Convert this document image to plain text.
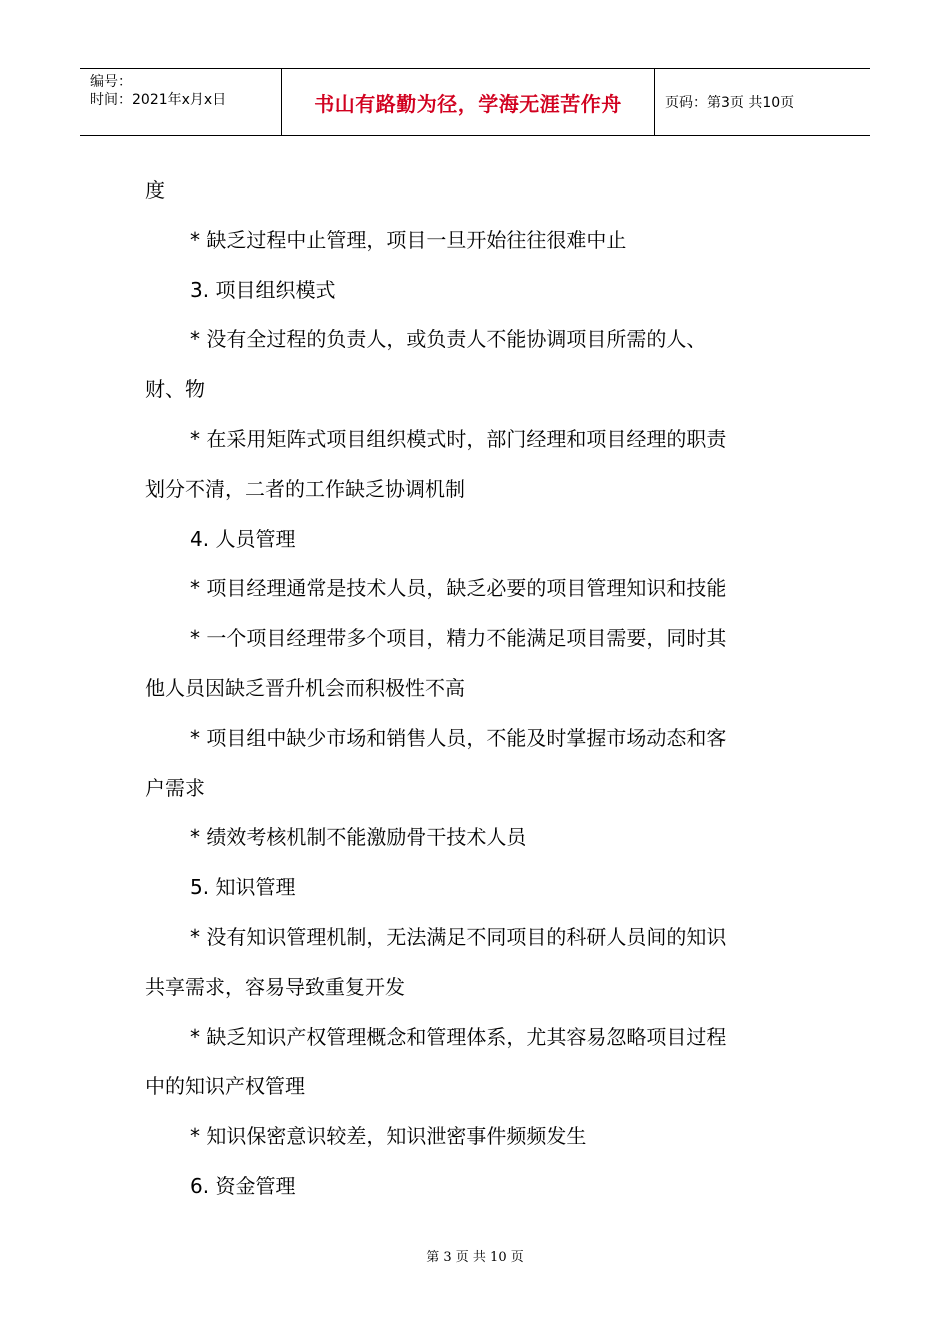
编号：
时间：2021年x月x日	书山有路勤为径，学海无涯苦作舟	页码：第3页 共10页

度

* 缺乏过程中止管理，项目一旦开始往往很难中止

3. 项目组织模式

* 没有全过程的负责人，或负责人不能协调项目所需的人、

财、物

* 在采用矩阵式项目组织模式时，部门经理和项目经理的职责

划分不清，二者的工作缺乏协调机制

4. 人员管理

* 项目经理通常是技术人员，缺乏必要的项目管理知识和技能

* 一个项目经理带多个项目，精力不能满足项目需要，同时其

他人员因缺乏晋升机会而积极性不高

* 项目组中缺少市场和销售人员，不能及时掌握市场动态和客

户需求

* 绩效考核机制不能激励骨干技术人员

5. 知识管理

* 没有知识管理机制，无法满足不同项目的科研人员间的知识

共享需求，容易导致重复开发

* 缺乏知识产权管理概念和管理体系，尤其容易忽略项目过程

中的知识产权管理

* 知识保密意识较差，知识泄密事件频频发生

6. 资金管理

第 3 页 共 10 页
